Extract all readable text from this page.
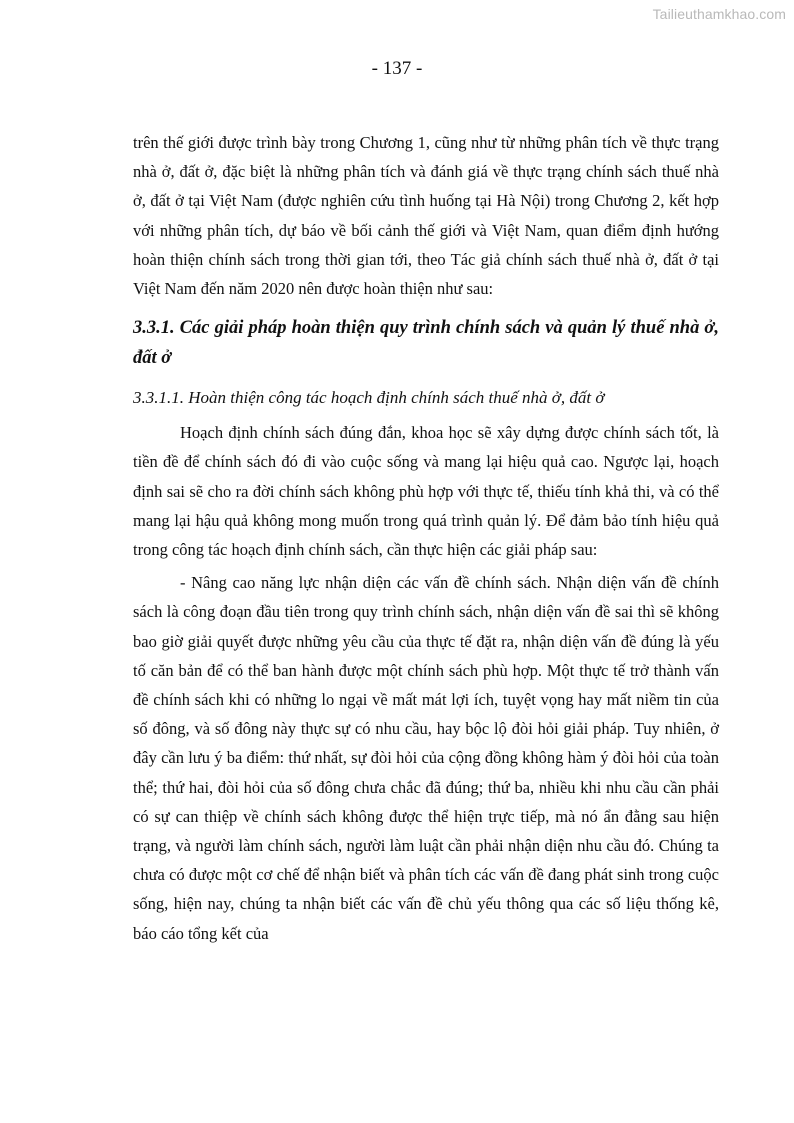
Tailieuthamkhao.com
- 137 -

trên thế giới được trình bày trong Chương 1, cũng như từ những phân tích về thực trạng nhà ở, đất ở, đặc biệt là những phân tích và đánh giá về thực trạng chính sách thuế nhà ở, đất ở tại Việt Nam (được nghiên cứu tình huống tại Hà Nội) trong Chương 2, kết hợp với những phân tích, dự báo về bối cảnh thế giới và Việt Nam, quan điểm định hướng hoàn thiện chính sách trong thời gian tới, theo Tác giả chính sách thuế nhà ở, đất ở tại Việt Nam đến năm 2020 nên được hoàn thiện như sau:

3.3.1. Các giải pháp hoàn thiện quy trình chính sách và quản lý thuế nhà ở, đất ở

3.3.1.1. Hoàn thiện công tác hoạch định chính sách thuế nhà ở, đất ở

Hoạch định chính sách đúng đắn, khoa học sẽ xây dựng được chính sách tốt, là tiền đề để chính sách đó đi vào cuộc sống và mang lại hiệu quả cao. Ngược lại, hoạch định sai sẽ cho ra đời chính sách không phù hợp với thực tế, thiếu tính khả thi, và có thể mang lại hậu quả không mong muốn trong quá trình quản lý. Để đảm bảo tính hiệu quả trong công tác hoạch định chính sách, cần thực hiện các giải pháp sau:

- Nâng cao năng lực nhận diện các vấn đề chính sách. Nhận diện vấn đề chính sách là công đoạn đầu tiên trong quy trình chính sách, nhận diện vấn đề sai thì sẽ không bao giờ giải quyết được những yêu cầu của thực tế đặt ra, nhận diện vấn đề đúng là yếu tố căn bản để có thể ban hành được một chính sách phù hợp. Một thực tế trở thành vấn đề chính sách khi có những lo ngại về mất mát lợi ích, tuyệt vọng hay mất niềm tin của số đông, và số đông này thực sự có nhu cầu, hay bộc lộ đòi hỏi giải pháp. Tuy nhiên, ở đây cần lưu ý ba điểm: thứ nhất, sự đòi hỏi của cộng đồng không hàm ý đòi hỏi của toàn thể; thứ hai, đòi hỏi của số đông chưa chắc đã đúng; thứ ba, nhiều khi nhu cầu cần phải có sự can thiệp về chính sách không được thể hiện trực tiếp, mà nó ẩn đằng sau hiện trạng, và người làm chính sách, người làm luật cần phải nhận diện nhu cầu đó. Chúng ta chưa có được một cơ chế để nhận biết và phân tích các vấn đề đang phát sinh trong cuộc sống, hiện nay, chúng ta nhận biết các vấn đề chủ yếu thông qua các số liệu thống kê, báo cáo tổng kết của
